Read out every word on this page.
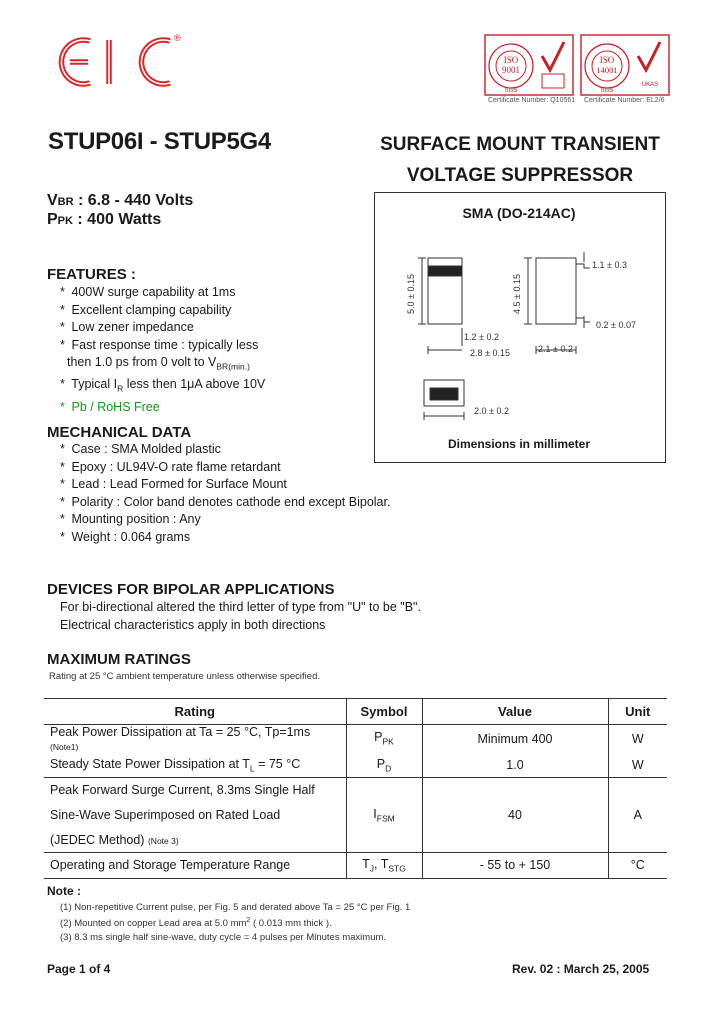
®
ISO
9001
SGS
Certificate Number: Q10561
ISO
14001
SGS
UKAS
Certificate Number: EL2/6
STUP06I - STUP5G4	SURFACE MOUNT TRANSIENT
VOLTAGE SUPPRESSOR
VBR : 6.8 - 440 Volts
PPK : 400 Watts
FEATURES :
* 400W surge capability at 1ms
* Excellent clamping capability
* Low zener impedance
* Fast response time : typically less
then 1.0 ps from 0 volt to $V_{BR(min.)}$
* Typical $I_R$ less then 1μA above 10V
* Pb / RoHS Free
SMA (DO-214AC)
5.0 ± 0.15	4.5 ± 0.15
1.2 ± 0.2
2.8 ± 0.15	2.1 ± 0.2
1.1 ± 0.3
0.2 ± 0.07
2.0 ± 0.2
Dimensions in millimeter
MECHANICAL DATA
* Case : SMA Molded plastic
* Epoxy : UL94V-O rate flame retardant
* Lead : Lead Formed for Surface Mount
* Polarity : Color band denotes cathode end except Bipolar.
* Mounting position : Any
* Weight : 0.064 grams
DEVICES FOR BIPOLAR APPLICATIONS
For bi-directional altered the third letter of type from "U" to be "B".
Electrical characteristics apply in both directions
MAXIMUM RATINGS
Rating at 25 °C ambient temperature unless otherwise specified.
Rating	Symbol	Value	Unit
Peak Power Dissipation at Ta = 25 °C, Tp=1ms (Note1)	$P_{PK}$	Minimum 400	W
Steady State Power Dissipation at $T_L = 75$ °C	$P_D$	1.0	W
Peak Forward Surge Current, 8.3ms Single Half			
Sine-Wave Superimposed on Rated Load	$I_{FSM}$	40	A
(JEDEC Method) (Note 3)			
Operating and Storage Temperature Range	$T_J$, $T_{STG}$	- 55 to + 150	°C
Note :
(1) Non-repetitive Current pulse, per Fig. 5 and derated above Ta = 25 °C per Fig. 1
(2) Mounted on copper Lead area at 5.0 $mm^2$ ( 0.013 mm thick ).
(3) 8.3 ms single half sine-wave, duty cycle = 4 pulses per Minutes maximum.
Page 1 of 4	Rev. 02 : March 25, 2005
